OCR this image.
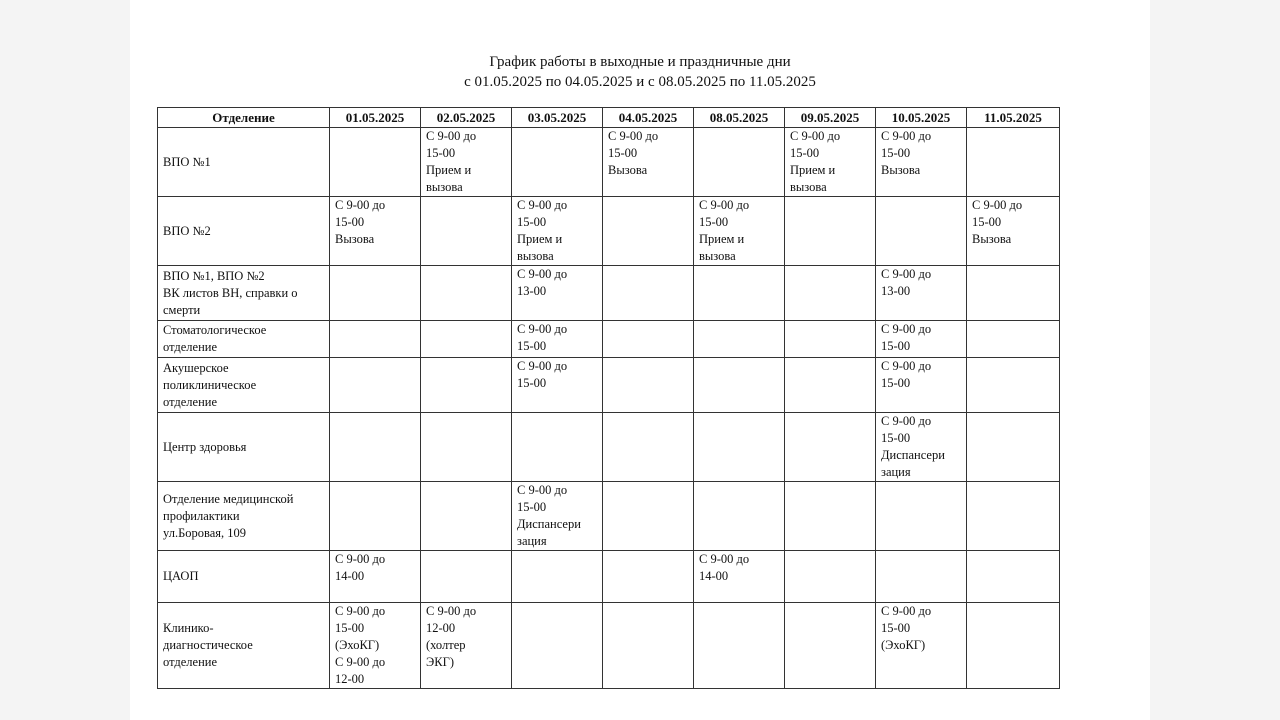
График работы в выходные и праздничные дни
с 01.05.2025 по 04.05.2025 и с 08.05.2025 по 11.05.2025
Отделение	01.05.2025	02.05.2025	03.05.2025	04.05.2025	08.05.2025	09.05.2025	10.05.2025	11.05.2025
ВПО №1		С 9-00 до
15-00
Прием и
вызова		С 9-00 до
15-00
Вызова		С 9-00 до
15-00
Прием и
вызова	С 9-00 до
15-00
Вызова	
ВПО №2	С 9-00 до
15-00
Вызова		С 9-00 до
15-00
Прием и
вызова		С 9-00 до
15-00
Прием и
вызова			С 9-00 до
15-00
Вызова
ВПО №1, ВПО №2
ВК листов ВН, справки о
смерти			С 9-00 до
13-00				С 9-00 до
13-00	
Стоматологическое
отделение			С 9-00 до
15-00				С 9-00 до
15-00	
Акушерское
поликлиническое
отделение			С 9-00 до
15-00				С 9-00 до
15-00	
Центр здоровья							С 9-00 до
15-00
Диспансери
зация	
Отделение медицинской
профилактики
ул.Боровая, 109			С 9-00 до
15-00
Диспансери
зация					
ЦАОП	С 9-00 до
14-00				С 9-00 до
14-00			
Клинико-
диагностическое
отделение	С 9-00 до
15-00
(ЭхоКГ)
С 9-00 до
12-00	С 9-00 до
12-00
(холтер
ЭКГ)					С 9-00 до
15-00
(ЭхоКГ)	
